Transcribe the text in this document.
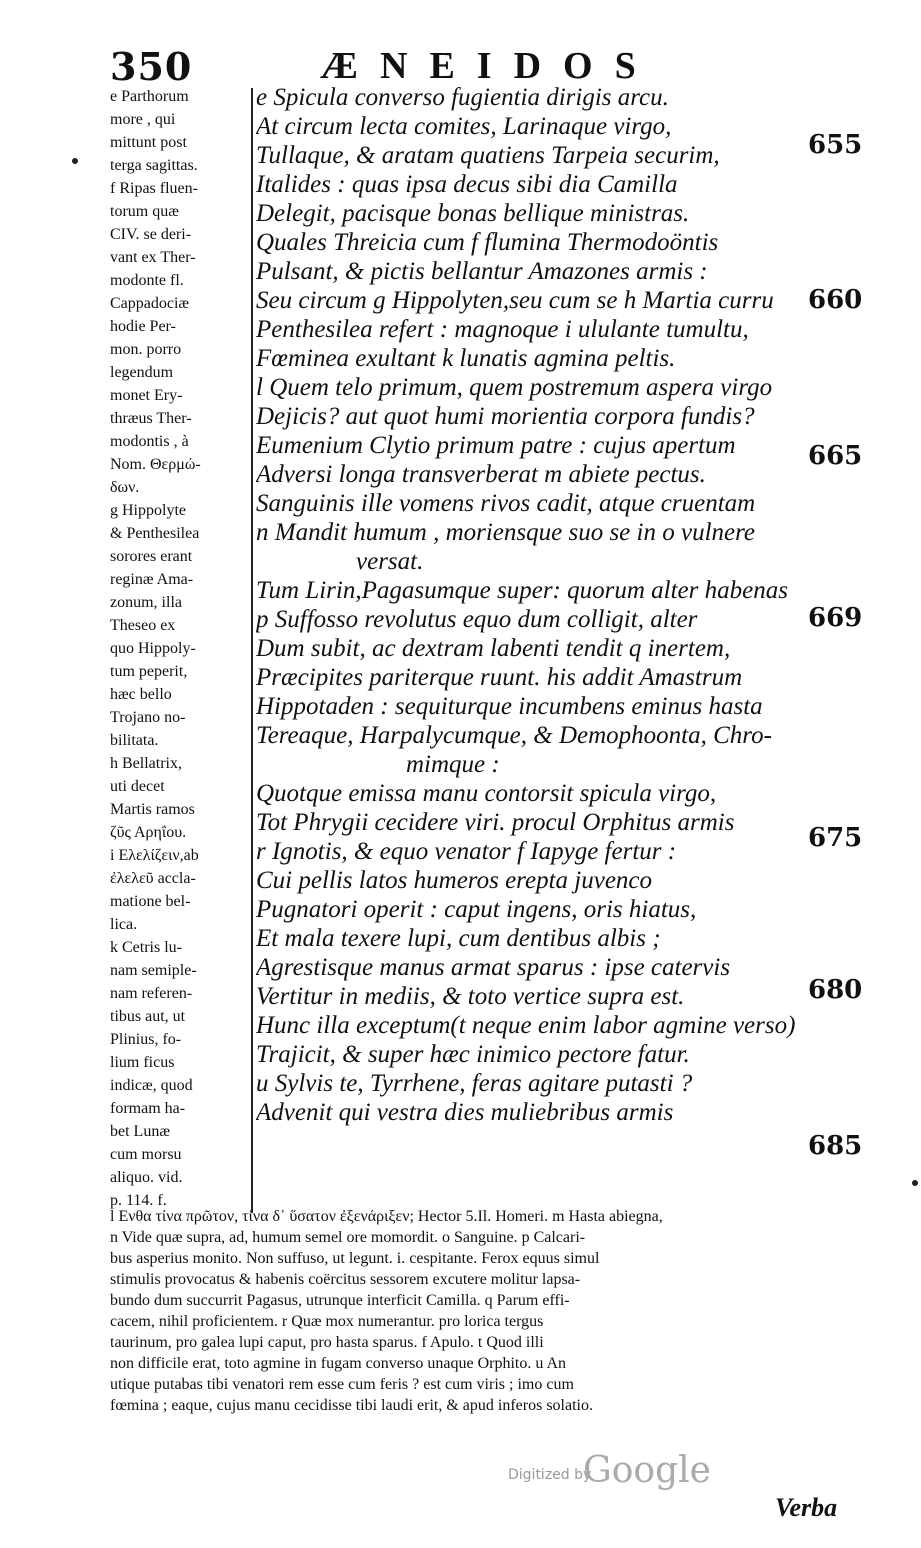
350	ÆNEIDOS
e Parthorum
more , qui
mittunt post
terga sagittas.
f Ripas fluen-
torum quæ
CIV. se deri-
vant ex Ther-
modonte fl.
Cappadociæ
hodie Per-
mon. porro
legendum
monet Ery-
thræus Ther-
modontis , à
Nom. Θερμώ-
δων.
g Hippolyte
& Penthesilea
sorores erant
reginæ Ama-
zonum, illa
Theseo ex
quo Hippoly-
tum peperit,
hæc bello
Trojano no-
bilitata.
h Bellatrix,
uti decet
Martis ramos
ζῦς Αρηΐου.
i Ελελίζειν,ab
ἐλελεῦ accla-
matione bel-
lica.
k Cetris lu-
nam semiple-
nam referen-
tibus aut, ut
Plinius, fo-
lium ficus
indicæ, quod
formam ha-
bet Lunæ
cum morsu
aliquo. vid.
p. 114. f.
e Spicula converso fugientia dirigis arcu.
At circum lecta comites, Larinaque virgo,
Tullaque, & aratam quatiens Tarpeia securim,
Italides : quas ipsa decus sibi dia Camilla
Delegit, pacisque bonas bellique ministras.
Quales Threicia cum f flumina Thermodoöntis
Pulsant, & pictis bellantur Amazones armis :
Seu circum g Hippolyten,seu cum se h Martia curru
Penthesilea refert : magnoque i ululante tumultu,
Fœminea exultant k lunatis agmina peltis.
l Quem telo primum, quem postremum aspera virgo
Dejicis? aut quot humi morientia corpora fundis?
Eumenium Clytio primum patre : cujus apertum
Adversi longa transverberat m abiete pectus.
Sanguinis ille vomens rivos cadit, atque cruentam
n Mandit humum , moriensque suo se in o vulnere
versat.
Tum Lirin,Pagasumque super: quorum alter habenas
p Suffosso revolutus equo dum colligit, alter
Dum subit, ac dextram labenti tendit q inertem,
Præcipites pariterque ruunt. his addit Amastrum
Hippotaden : sequiturque incumbens eminus hasta
Tereaque, Harpalycumque, & Demophoonta, Chro-
mimque :
Quotque emissa manu contorsit spicula virgo,
Tot Phrygii cecidere viri. procul Orphitus armis
r Ignotis, & equo venator f Iapyge fertur :
Cui pellis latos humeros erepta juvenco
Pugnatori operit : caput ingens, oris hiatus,
Et mala texere lupi, cum dentibus albis ;
Agrestisque manus armat sparus : ipse catervis
Vertitur in mediis, & toto vertice supra est.
Hunc illa exceptum(t neque enim labor agmine verso)
Trajicit, & super hæc inimico pectore fatur.
u Sylvis te, Tyrrhene, feras agitare putasti ?
Advenit qui vestra dies muliebribus armis
655
660
665
669
675
680
685
l Ενθα τίνα πρῶτον, τίνα δ᾽ ὕσατον ἐξενάριξεν; Hector 5.Il. Homeri. m Hasta abiegna,
n Vide quæ supra, ad, humum semel ore momordit. o Sanguine. p Calcari-
bus asperius monito. Non suffuso, ut legunt. i. cespitante. Ferox equus simul
stimulis provocatus & habenis coërcitus sessorem excutere molitur lapsa-
bundo dum succurrit Pagasus, utrunque interficit Camilla. q Parum effi-
cacem, nihil proficientem. r Quæ mox numerantur. pro lorica tergus
taurinum, pro galea lupi caput, pro hasta sparus. f Apulo. t Quod illi
non difficile erat, toto agmine in fugam converso unaque Orphito. u An
utique putabas tibi venatori rem esse cum feris ? est cum viris ; imo cum
fœmina ; eaque, cujus manu cecidisse tibi laudi erit, & apud inferos solatio.
Digitized by
Google
Verba
